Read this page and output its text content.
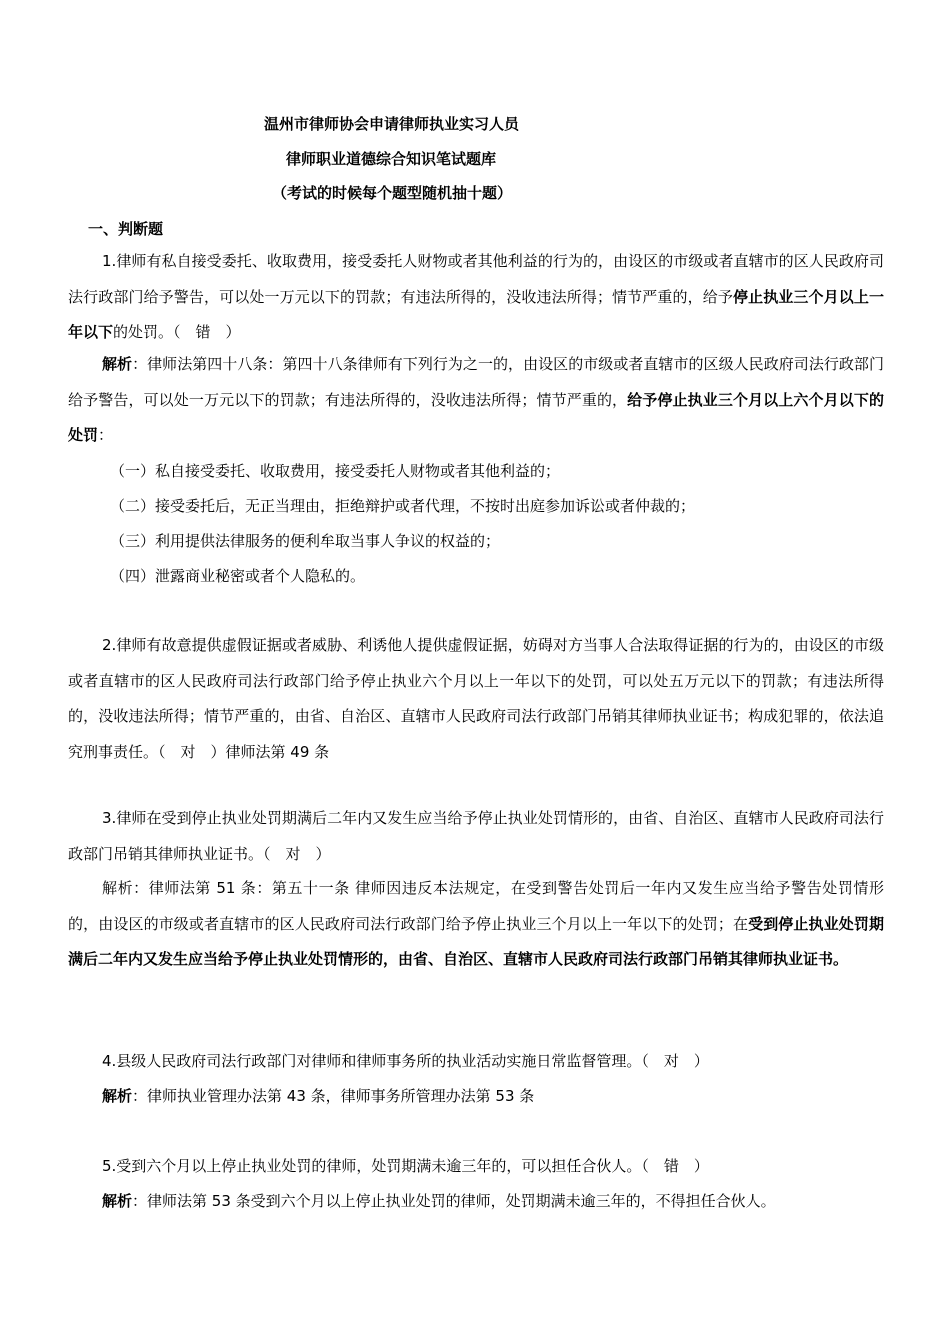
温州市律师协会申请律师执业实习人员
律师职业道德综合知识笔试题库
（考试的时候每个题型随机抽十题）
一、判断题
1.律师有私自接受委托、收取费用，接受委托人财物或者其他利益的行为的，由设区的市级或者直辖市的区人民政府司法行政部门给予警告，可以处一万元以下的罚款；有违法所得的，没收违法所得；情节严重的，给予停止执业三个月以上一年以下的处罚。（　错　）
解析：律师法第四十八条：第四十八条律师有下列行为之一的，由设区的市级或者直辖市的区级人民政府司法行政部门给予警告，可以处一万元以下的罚款；有违法所得的，没收违法所得；情节严重的，给予停止执业三个月以上六个月以下的处罚：
（一）私自接受委托、收取费用，接受委托人财物或者其他利益的；
（二）接受委托后，无正当理由，拒绝辩护或者代理，不按时出庭参加诉讼或者仲裁的；
（三）利用提供法律服务的便利牟取当事人争议的权益的；
（四）泄露商业秘密或者个人隐私的。
2.律师有故意提供虚假证据或者威胁、利诱他人提供虚假证据，妨碍对方当事人合法取得证据的行为的，由设区的市级或者直辖市的区人民政府司法行政部门给予停止执业六个月以上一年以下的处罚，可以处五万元以下的罚款；有违法所得的，没收违法所得；情节严重的，由省、自治区、直辖市人民政府司法行政部门吊销其律师执业证书；构成犯罪的，依法追究刑事责任。（　对　）律师法第 49 条
3.律师在受到停止执业处罚期满后二年内又发生应当给予停止执业处罚情形的，由省、自治区、直辖市人民政府司法行政部门吊销其律师执业证书。（　对　）
解析：律师法第 51 条：第五十一条 律师因违反本法规定，在受到警告处罚后一年内又发生应当给予警告处罚情形的，由设区的市级或者直辖市的区人民政府司法行政部门给予停止执业三个月以上一年以下的处罚；在受到停止执业处罚期满后二年内又发生应当给予停止执业处罚情形的，由省、自治区、直辖市人民政府司法行政部门吊销其律师执业证书。
4.县级人民政府司法行政部门对律师和律师事务所的执业活动实施日常监督管理。（　对　）
解析：律师执业管理办法第 43 条，律师事务所管理办法第 53 条
5.受到六个月以上停止执业处罚的律师，处罚期满未逾三年的，可以担任合伙人。（　错　）
解析：律师法第 53 条受到六个月以上停止执业处罚的律师，处罚期满未逾三年的，不得担任合伙人。
